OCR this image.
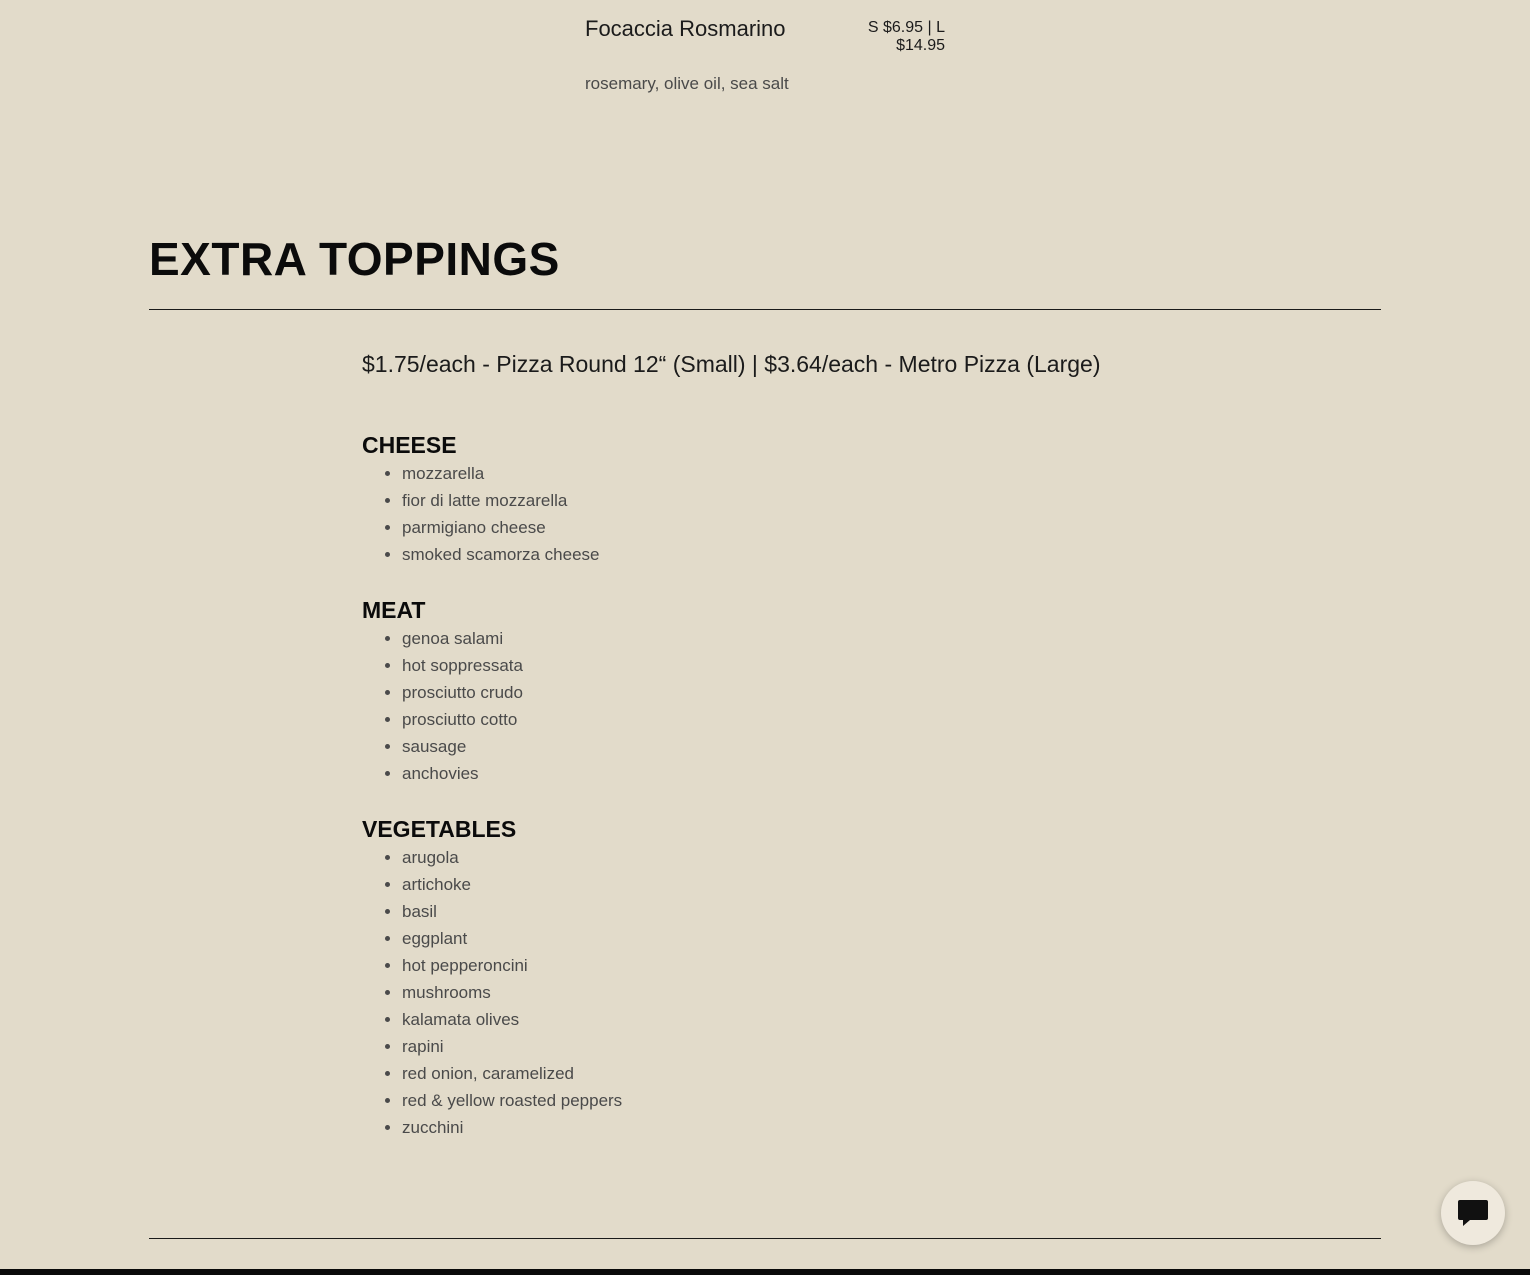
Focaccia Rosmarino	S $6.95 | L $14.95
rosemary, olive oil, sea salt
EXTRA TOPPINGS
$1.75/each - Pizza Round 12“ (Small) | $3.64/each - Metro Pizza (Large)
CHEESE
• mozzarella
• fior di latte mozzarella
• parmigiano cheese
• smoked scamorza cheese
MEAT
• genoa salami
• hot soppressata
• prosciutto crudo
• prosciutto cotto
• sausage
• anchovies
VEGETABLES
• arugola
• artichoke
• basil
• eggplant
• hot pepperoncini
• mushrooms
• kalamata olives
• rapini
• red onion, caramelized
• red & yellow roasted peppers
• zucchini
